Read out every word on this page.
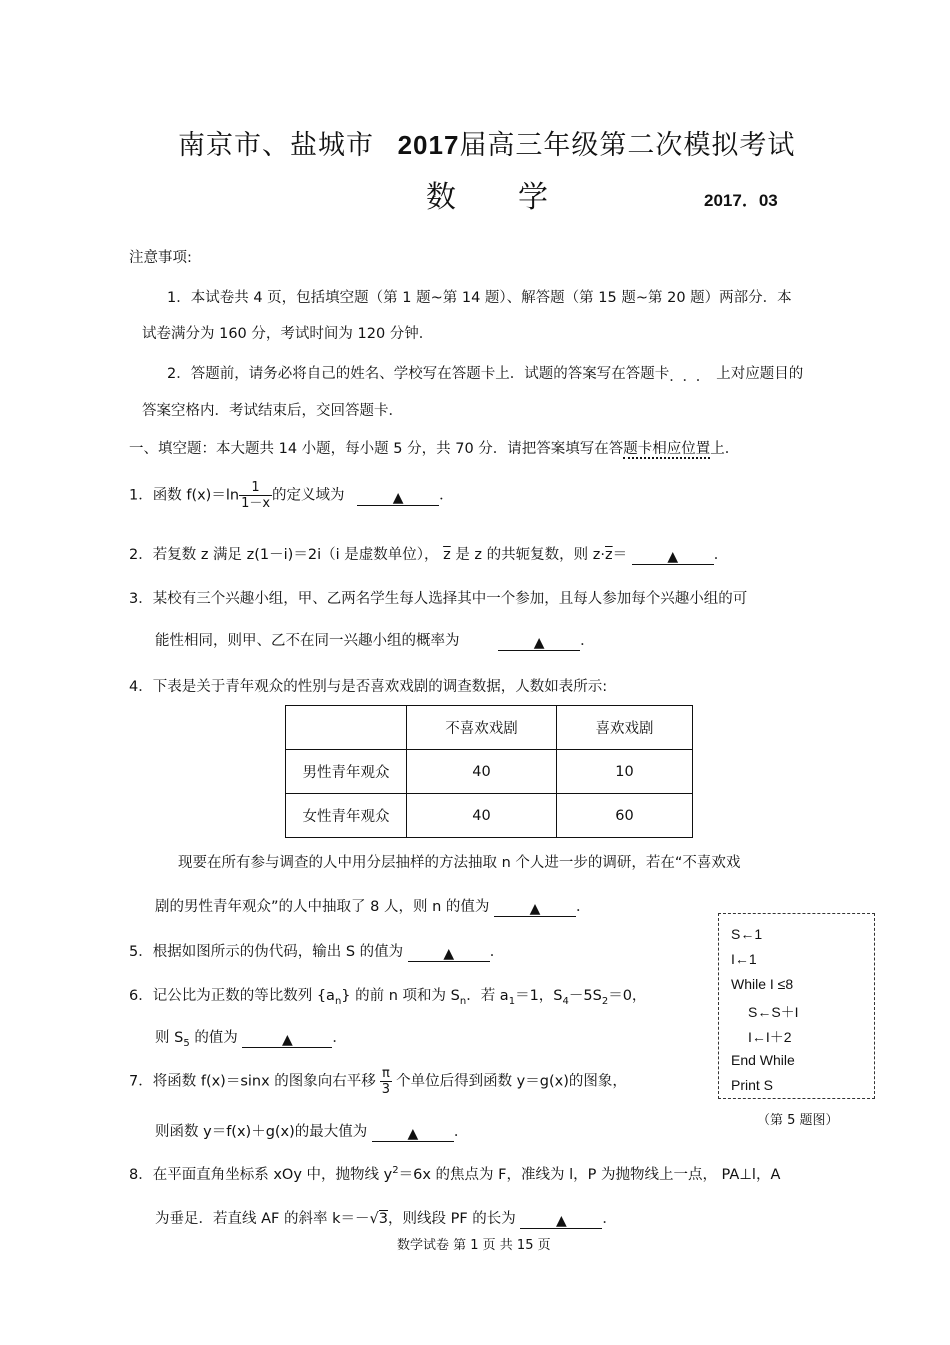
南京市、盐城市 2017届高三年级第二次模拟考试
数学	2017．03
注意事项:
1．本试卷共 4 页，包括填空题（第 1 题~第 14 题）、解答题（第 15 题~第 20 题）两部分．本
试卷满分为 160 分，考试时间为 120 分钟．
2．答题前，请务必将自己的姓名、学校写在答题卡上．试题的答案写在答题卡．．．上对应题目的
答案空格内．考试结束后，交回答题卡．
一、填空题：本大题共 14 小题，每小题 5 分，共 70 分．请把答案填写在答题卡相应位置上．
1．函数 $f(x)=\ln \frac{1}{1-x}$ 的定义域为	▲ ．
2．若复数 z 满足 z(1－i)＝2i（i 是虚数单位）， $\overline{z}$ 是 z 的共轭复数，则 $z\cdot\overline{z}=$	▲ ．
3．某校有三个兴趣小组，甲、乙两名学生每人选择其中一个参加，且每人参加每个兴趣小组的可
能性相同，则甲、乙不在同一兴趣小组的概率为	▲ ．
4．下表是关于青年观众的性别与是否喜欢戏剧的调查数据，人数如表所示:
	不喜欢戏剧	喜欢戏剧
男性青年观众	40	10
女性青年观众	40	60
现要在所有参与调查的人中用分层抽样的方法抽取 n 个人进一步的调研，若在“不喜欢戏
剧的男性青年观众”的人中抽取了 8 人，则 n 的值为	▲ ．
5．根据如图所示的伪代码，输出 S 的值为	▲ ．
6．记公比为正数的等比数列 $\{a_n\}$ 的前 n 项和为 $S_n$．若 $a_1=1$，$S_4-5S_2=0$，
则 $S_5$ 的值为	▲	．
7．将函数 f(x)＝sinx 的图象向右平移 $\frac{\pi}{3}$ 个单位后得到函数 y＝g(x)的图象，
则函数 y＝f(x)＋g(x)的最大值为	▲ ．
S←1
I←1
While I ≤8
S←S＋I
I←I＋2
End While
Print S
（第 5 题图）
8．在平面直角坐标系 xOy 中，抛物线 $y^2=6x$ 的焦点为 F，准线为 l，P 为抛物线上一点， PA⊥l，A
为垂足．若直线 AF 的斜率 k＝－√3，则线段 PF 的长为	▲ ．
数学试卷 第 1 页 共 15 页
